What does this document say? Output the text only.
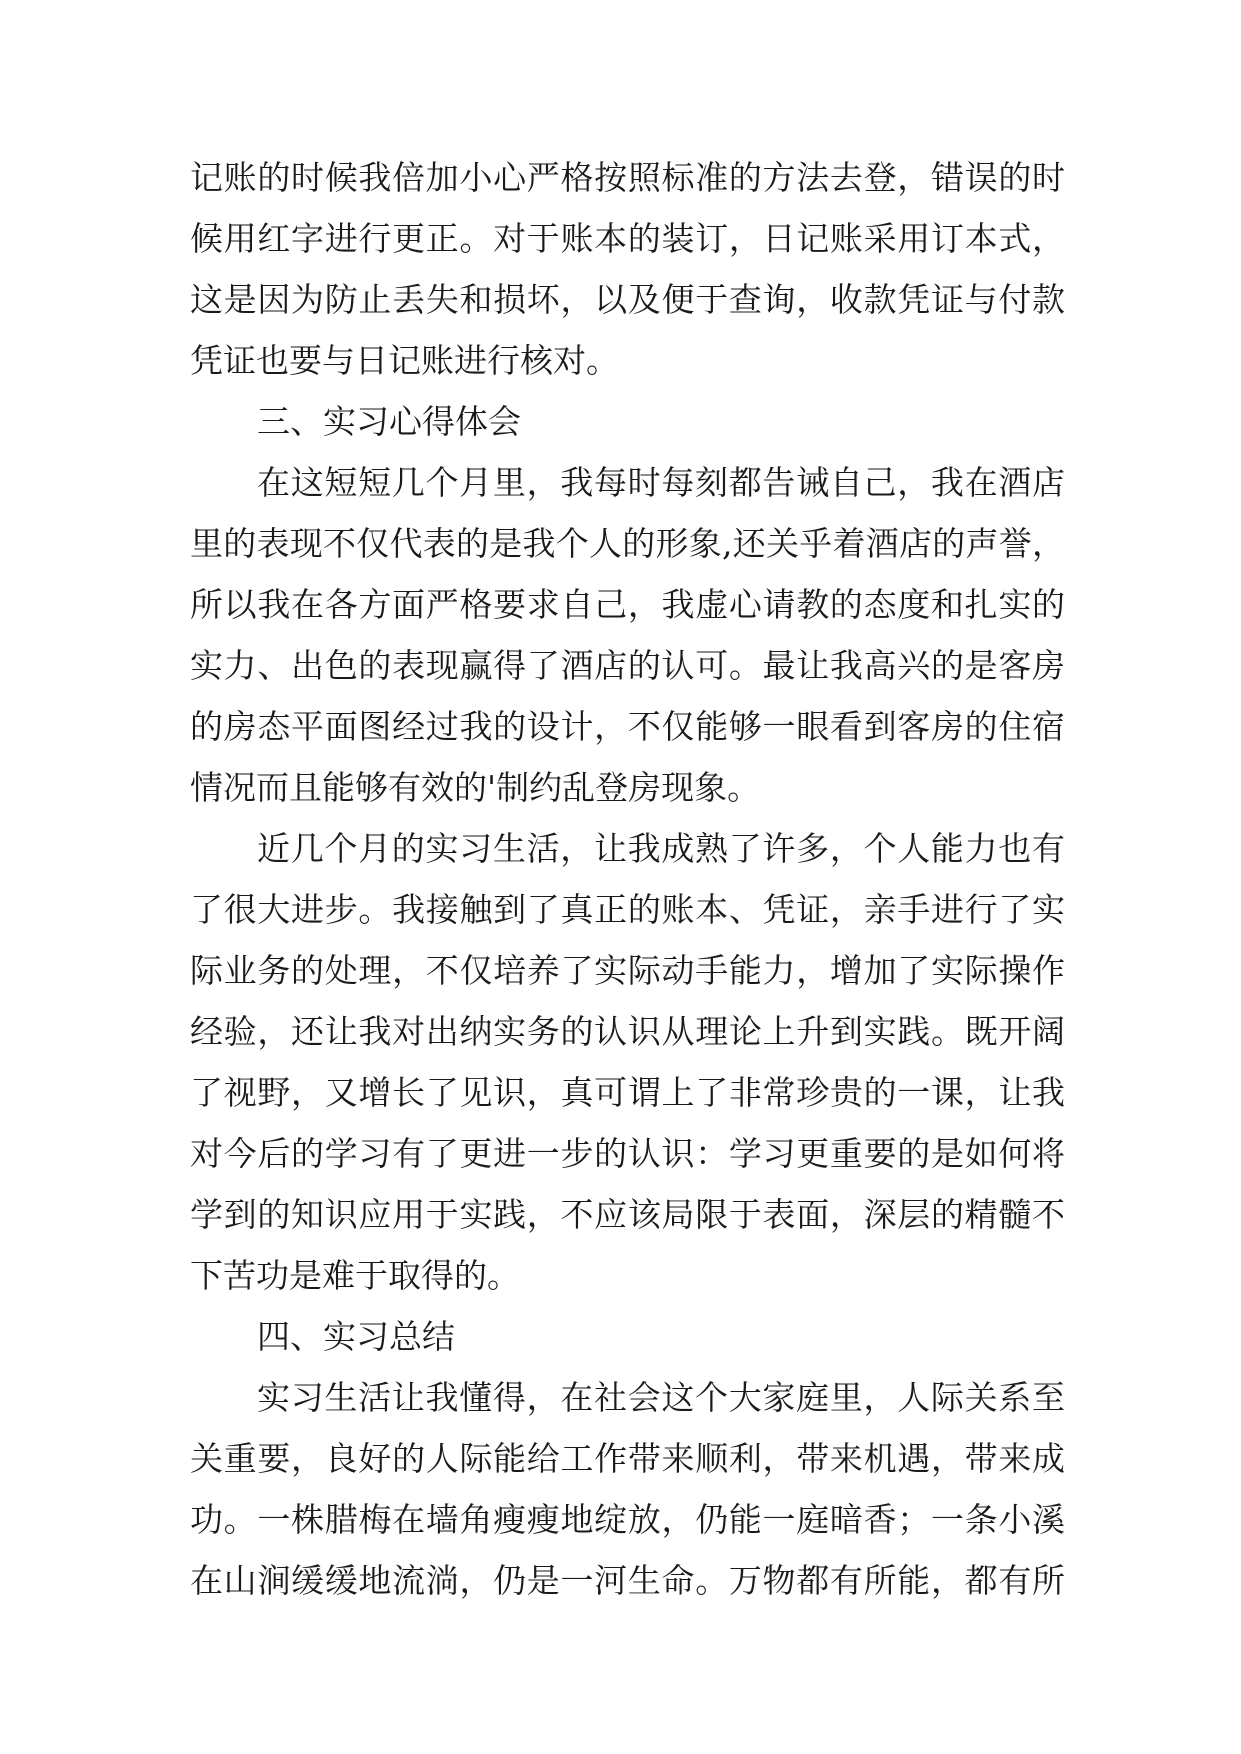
记账的时候我倍加小心严格按照标准的方法去登，错误的时
候用红字进行更正。对于账本的装订，日记账采用订本式，
这是因为防止丢失和损坏，以及便于查询，收款凭证与付款
凭证也要与日记账进行核对。
三、实习心得体会
在这短短几个月里，我每时每刻都告诫自己，我在酒店
里的表现不仅代表的是我个人的形象,还关乎着酒店的声誉，
所以我在各方面严格要求自己，我虚心请教的态度和扎实的
实力、出色的表现赢得了酒店的认可。最让我高兴的是客房
的房态平面图经过我的设计，不仅能够一眼看到客房的住宿
情况而且能够有效的'制约乱登房现象。
近几个月的实习生活，让我成熟了许多，个人能力也有
了很大进步。我接触到了真正的账本、凭证，亲手进行了实
际业务的处理，不仅培养了实际动手能力，增加了实际操作
经验，还让我对出纳实务的认识从理论上升到实践。既开阔
了视野，又增长了见识，真可谓上了非常珍贵的一课，让我
对今后的学习有了更进一步的认识：学习更重要的是如何将
学到的知识应用于实践，不应该局限于表面，深层的精髓不
下苦功是难于取得的。
四、实习总结
实习生活让我懂得，在社会这个大家庭里，人际关系至
关重要，良好的人际能给工作带来顺利，带来机遇，带来成
功。一株腊梅在墙角瘦瘦地绽放，仍能一庭暗香；一条小溪
在山涧缓缓地流淌，仍是一河生命。万物都有所能，都有所
